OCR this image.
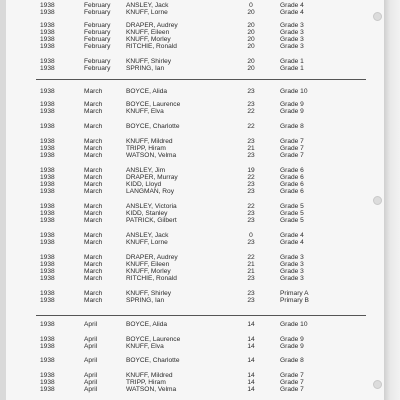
1938	February ANSLEY, Jack	0	Grade 4
1938	February KNUFF, Lorne	20	Grade 4
1938	February DRAPER, Audrey	20	Grade 3
1938	February KNUFF, Eileen	20	Grade 3
1938	February KNUFF, Morley	20	Grade 3
1938	February RITCHIE, Ronald	20	Grade 3
1938	February KNUFF, Shirley	20	Grade 1
1938	February SPRING, Ian	20	Grade 1
1938	March	BOYCE, Alida	23	Grade 10
1938	March	BOYCE, Laurence	23	Grade 9
1938	March	KNUFF, Elva	22	Grade 9
1938	March	BOYCE, Charlotte	22	Grade 8
1938	March	KNUFF, Mildred	23	Grade 7
1938	March	TRIPP, Hiram	21	Grade 7
1938	March	WATSON, Velma	23	Grade 7
1938	March	ANSLEY, Jim	19	Grade 6
1938	March	DRAPER, Murray	22	Grade 6
1938	March	KIDD, Lloyd	23	Grade 6
1938	March	LANGMAN, Roy	23	Grade 6
1938	March	ANSLEY, Victoria	22	Grade 5
1938	March	KIDD, Stanley	23	Grade 5
1938	March	PATRICK, Gilbert	23	Grade 5
1938	March	ANSLEY, Jack	0	Grade 4
1938	March	KNUFF, Lorne	23	Grade 4
1938	March	DRAPER, Audrey	22	Grade 3
1938	March	KNUFF, Eileen	21	Grade 3
1938	March	KNUFF, Morley	21	Grade 3
1938	March	RITCHIE, Ronald	23	Grade 3
1938	March	KNUFF, Shirley	23	Primary A
1938	March	SPRING, Ian	23	Primary B
1938	April	BOYCE, Alida	14	Grade 10
1938	April	BOYCE, Laurence	14	Grade 9
1938	April	KNUFF, Elva	14	Grade 9
1938	April	BOYCE, Charlotte	14	Grade 8
1938	April	KNUFF, Mildred	14	Grade 7
1938	April	TRIPP, Hiram	14	Grade 7
1938	April	WATSON, Velma	14	Grade 7
